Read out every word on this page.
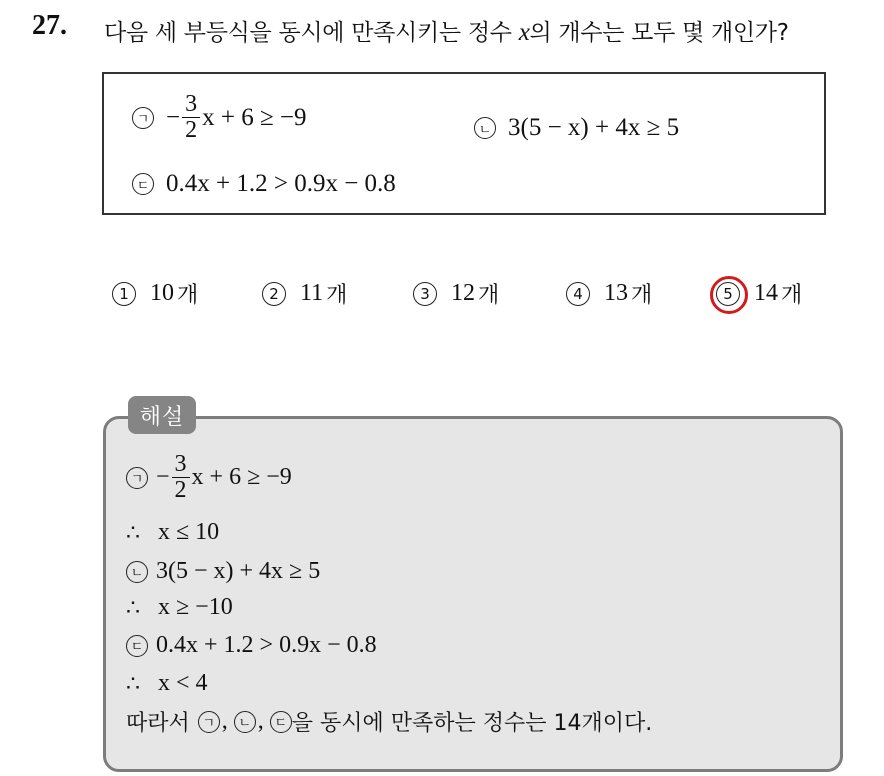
27. 다음 세 부등식을 동시에 만족시키는 정수 x의 개수는 모두 몇 개인가?
ㄱ − $\frac{3}{2}$ x + 6 ≥ −9	ㄴ 3(5 − x) + 4x ≥ 5
ㄷ 0.4x + 1.2 > 0.9x − 0.8
1 10 개	2 11 개	3 12 개	4 13 개	5 14 개
해설
ㄱ − $\frac{3}{2}$ x + 6 ≥ −9
∴ x ≤ 10
ㄴ 3(5 − x) + 4x ≥ 5
∴ x ≥ −10
ㄷ 0.4x + 1.2 > 0.9x − 0.8
∴ x < 4
따라서 ㄱ , ㄴ , ㄷ 을 동시에 만족하는 정수는 14개이다.
